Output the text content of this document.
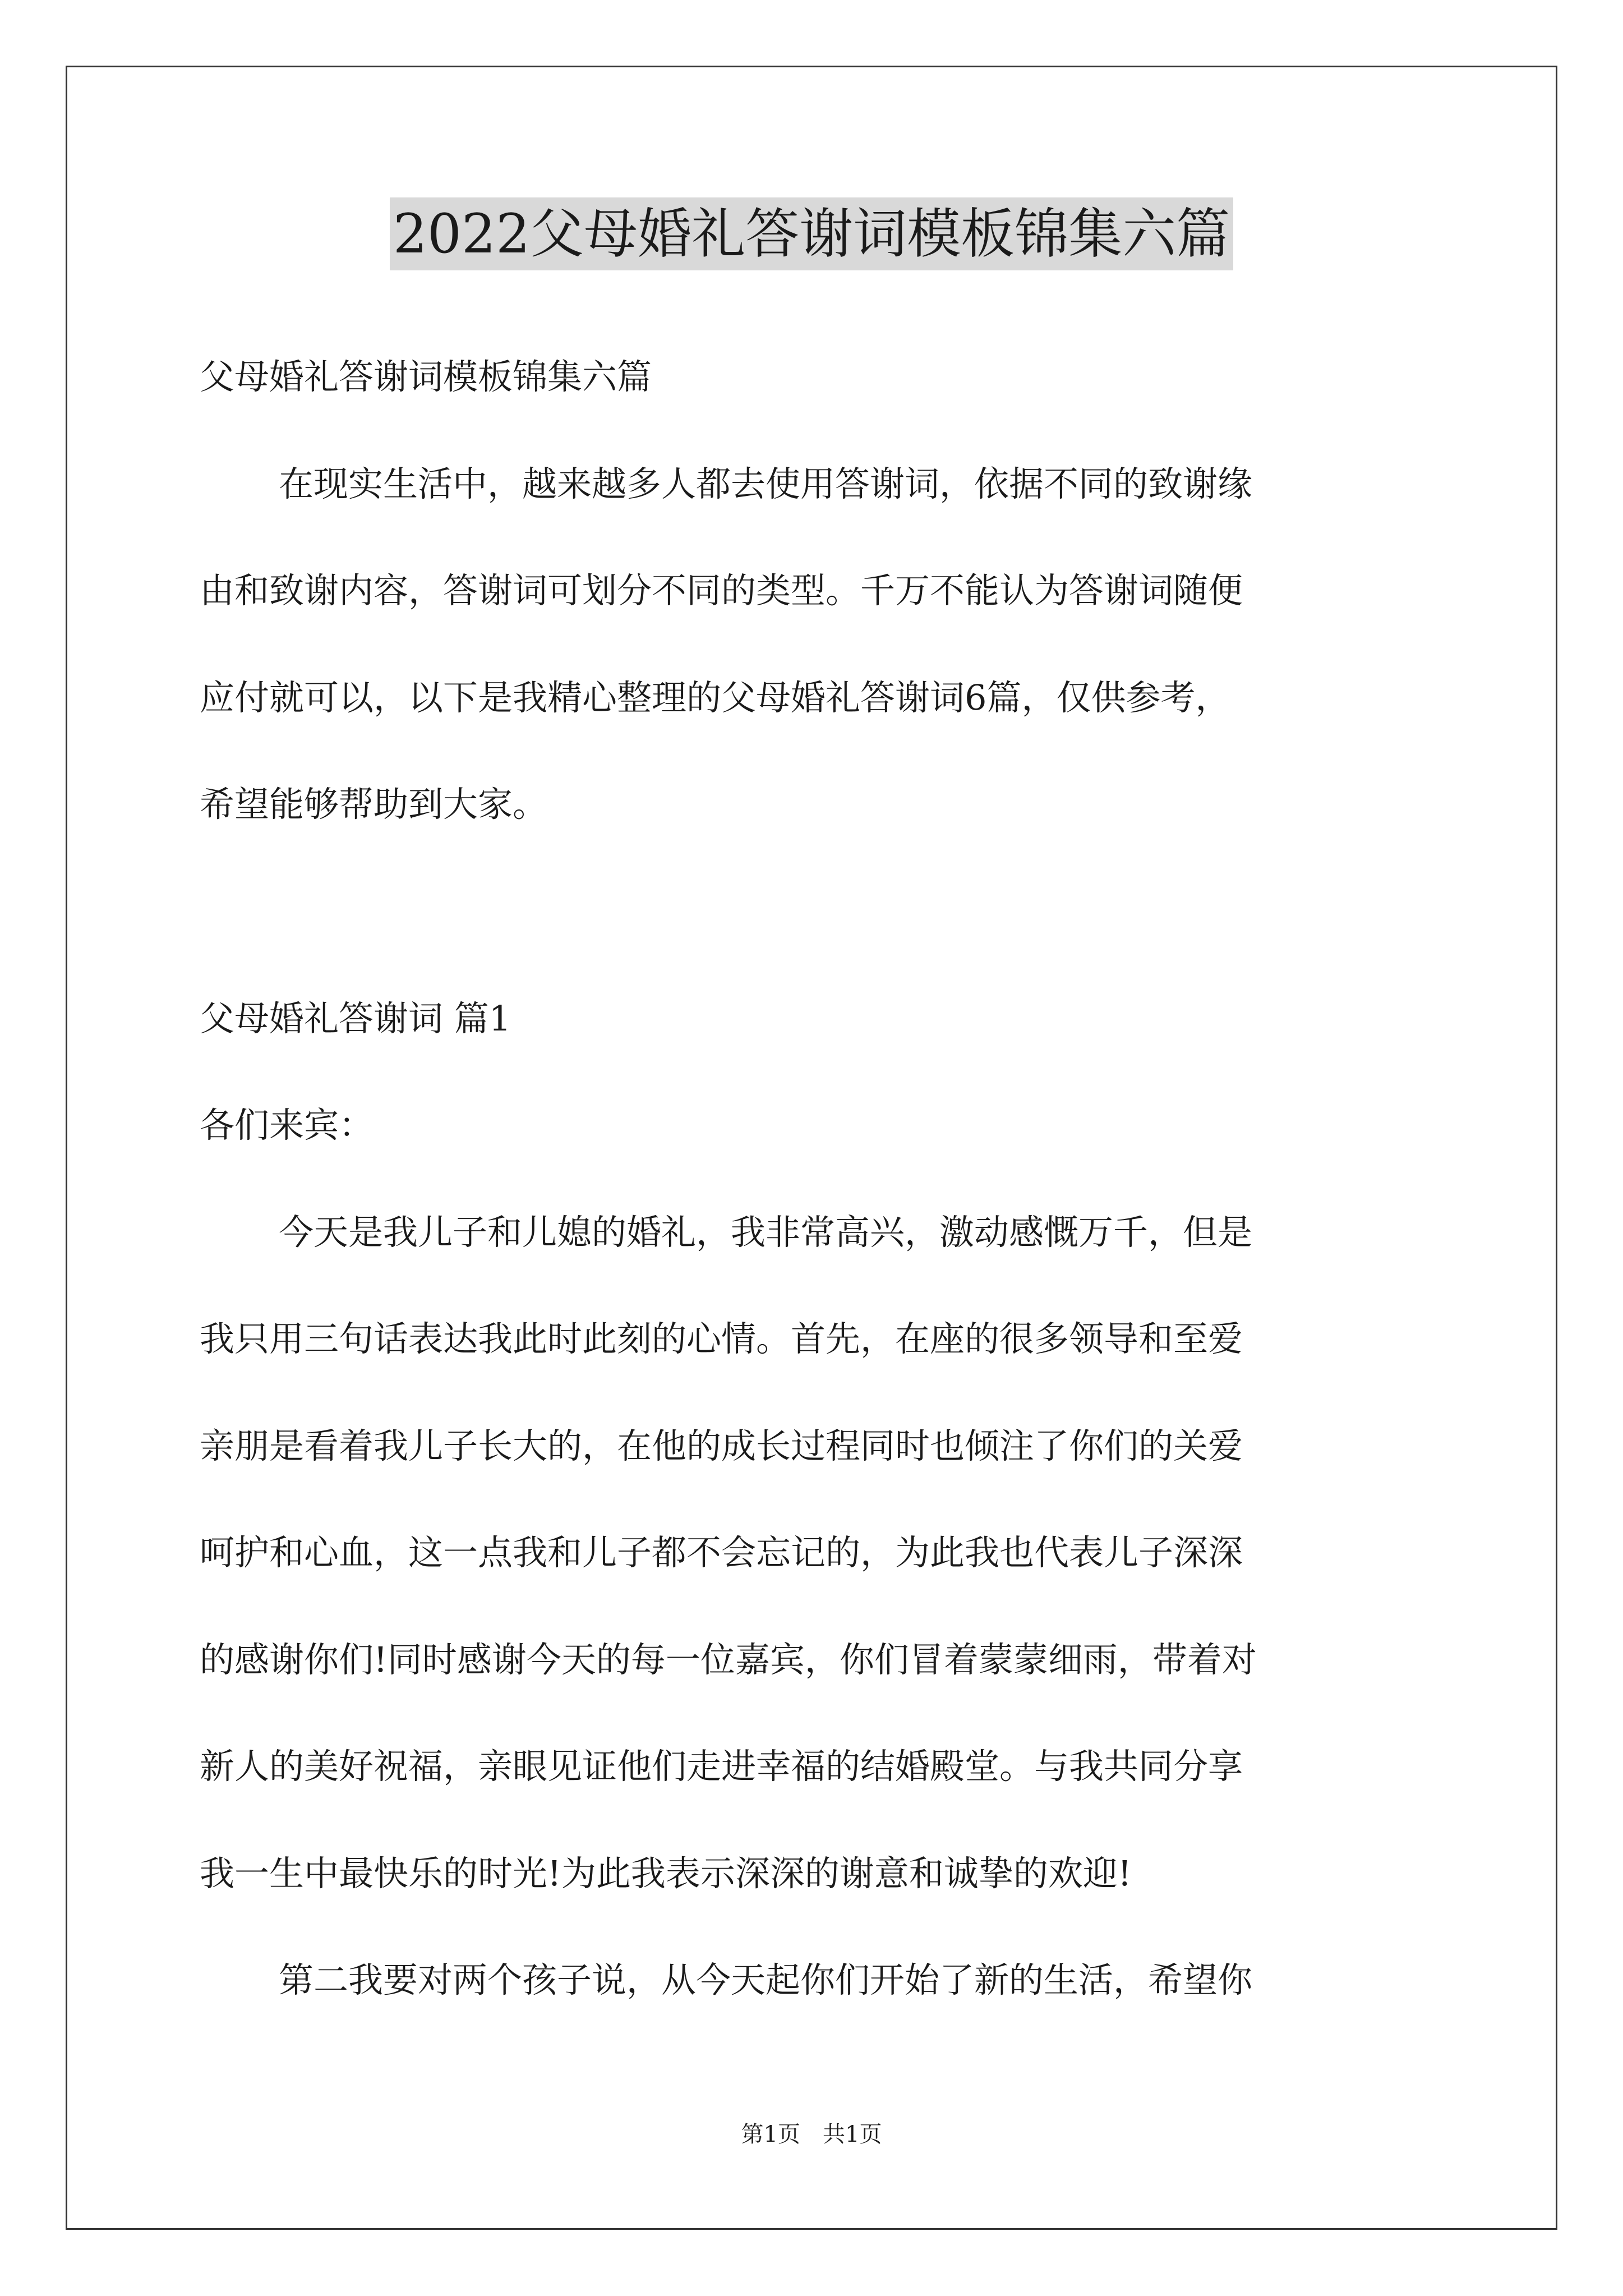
2022父母婚礼答谢词模板锦集六篇
父母婚礼答谢词模板锦集六篇
在现实生活中，越来越多人都去使用答谢词，依据不同的致谢缘
由和致谢内容，答谢词可划分不同的类型。千万不能认为答谢词随便
应付就可以，以下是我精心整理的父母婚礼答谢词6篇，仅供参考，
希望能够帮助到大家。
父母婚礼答谢词 篇1
各们来宾：
今天是我儿子和儿媳的婚礼，我非常高兴，激动感慨万千，但是
我只用三句话表达我此时此刻的心情。首先，在座的很多领导和至爱
亲朋是看着我儿子长大的，在他的成长过程同时也倾注了你们的关爱
呵护和心血，这一点我和儿子都不会忘记的，为此我也代表儿子深深
的感谢你们!同时感谢今天的每一位嘉宾，你们冒着蒙蒙细雨，带着对
新人的美好祝福，亲眼见证他们走进幸福的结婚殿堂。与我共同分享
我一生中最快乐的时光!为此我表示深深的谢意和诚挚的欢迎!
第二我要对两个孩子说，从今天起你们开始了新的生活，希望你
第1页　共1页
